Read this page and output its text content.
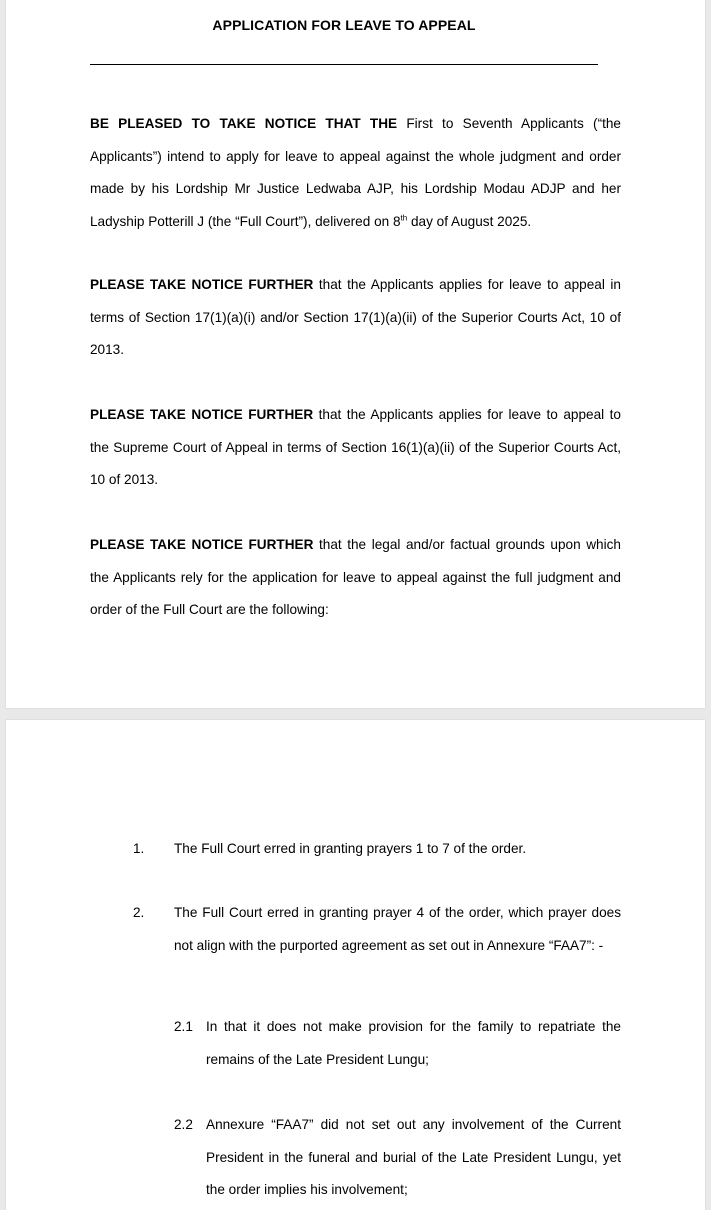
APPLICATION FOR LEAVE TO APPEAL

BE PLEASED TO TAKE NOTICE THAT THE First to Seventh Applicants (“the Applicants”) intend to apply for leave to appeal against the whole judgment and order made by his Lordship Mr Justice Ledwaba AJP, his Lordship Modau ADJP and her Ladyship Potterill J (the “Full Court”), delivered on 8th day of August 2025.

PLEASE TAKE NOTICE FURTHER that the Applicants applies for leave to appeal in terms of Section 17(1)(a)(i) and/or Section 17(1)(a)(ii) of the Superior Courts Act, 10 of 2013.

PLEASE TAKE NOTICE FURTHER that the Applicants applies for leave to appeal to the Supreme Court of Appeal in terms of Section 16(1)(a)(ii) of the Superior Courts Act, 10 of 2013.

PLEASE TAKE NOTICE FURTHER that the legal and/or factual grounds upon which the Applicants rely for the application for leave to appeal against the full judgment and order of the Full Court are the following:

1. The Full Court erred in granting prayers 1 to 7 of the order.

2. The Full Court erred in granting prayer 4 of the order, which prayer does not align with the purported agreement as set out in Annexure “FAA7”: -

2.1 In that it does not make provision for the family to repatriate the remains of the Late President Lungu;

2.2 Annexure “FAA7” did not set out any involvement of the Current President in the funeral and burial of the Late President Lungu, yet the order implies his involvement;
